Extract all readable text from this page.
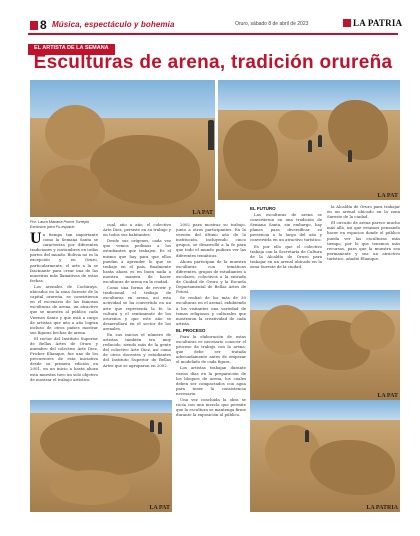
8 Música, espectáculo y bohemia	Oruro, sábado 8 de abril de 2023	LA PATRIA
EL ARTISTA DE LA SEMANA
Esculturas de arena, tradición orureña
LA PAT
LA PAT
Por: Laura Mariana Ponce Torrejón
Exclusivo para Fu-espacio
LA PAT
LA PAT	LA PATRIA

Un tiempo tan importante como la Semana Santa se caracteriza por diferentes tradiciones y costumbres en todas partes del mundo. Bolivia no es la excepción y en Oruro, particularmente, el arte a la se fascinante para crear una de las muestras más llamativas de estas fechas.

Los arenales de Cochiraya, ubicados en la zona Sureste de la capital orureña, se convirtieron en el escenario de las famosas esculturas de arena, un atractivo que se muestra al público cada Viernes Santo y que está a cargo de artistas que año a año logran incluso de otros países mostrar sus figuras hechas de arena.

El rector del Instituto Superior de Bellas Artes de Oruro y miembro del colectivo Arte Diez, Fricker Elianque, fue uno de los precursores de esta iniciativa desde su primera edición en 2001, en un inicio a hasta ahora esta muestra tuvo un solo objetivo de mostrar el trabajo artístico.

cual, año a año, el colectivo Arte Diez, persiste en su trabajo y en todos sus habitantes.

Desde sus orígenes, cada vez que vemos pedimos a los estudiantes que trabajen. Es el mismo que hay para que ellos puedan a aprender lo que se trabaje en el país, finalmente hasta ahora es en buen nada a nuestra manera de hacer esculturas de arena en la ciudad.

Como una forma de revivir y tradicional el trabajo de esculturas en arena, así esta actividad se ha convertido en un arte que representa la fe, la cultura y el sentimiento de los orureños y que este año se desarrollará en el sector de los arenales.

En sus inicios el número de artistas también era muy reducido, siendo más de la gente del colectivo Arte Diez, así como de otros docentes y estudiantes del Instituto Superior de Bellas Artes que se agruparon en 2002.

2002 para mostrar su trabajo, junto a otros participantes. En la versión del último año de la institución, incluyendo cinco grupos, se desarrolló a la fe para que todo el mundo pudiera ver las diferentes temáticas.

Ahora participan de la muestra esculturas con temáticas diferentes, grupos de estudiantes a escolares, colectivos a la entrada de Ciudad de Oruro y la Escuela Departamental de Bellas Artes de Potosí.

Se realizó de los más de 30 esculturas en el arenal, exhibiendo a los visitantes una variedad de temas religiosos y culturales que mostraron la creatividad de cada artista.

EL PROCESO

Para la elaboración de estas esculturas es necesario conocer el proceso de trabajo con la arena, que debe ser tratada adecuadamente antes de empezar el modelado de cada figura.

Los artistas trabajan durante varios días en la preparación de los bloques de arena, los cuales deben ser compactados con agua para tener la consistencia necesaria.

Una vez concluida la obra se rocía con una mezcla que permite que la escultura se mantenga firme durante la exposición al público.

EL FUTURO

Las esculturas de arena se convirtieron en una tradición de Semana Santa, sin embargo, hay planes para diversificar su presencia a lo largo del año y convertirla en un atractivo turístico.

Es por ello que el colectivo trabaja con la Secretaría de Cultura de la Alcaldía de Oruro para trabajar en un arenal ubicado en la zona Sureste de la ciudad.

la Alcaldía de Oruro para trabajar en un arenal ubicado en la zona Sureste de la ciudad.

El circuito de arena parece mucho más allá, así que estamos pensando hacer en espacios donde el público pueda ver las esculturas más tiempo, por lo que tenemos más recursos, para que la muestra sea permanente y sea un atractivo turístico, añadió Elianque.
